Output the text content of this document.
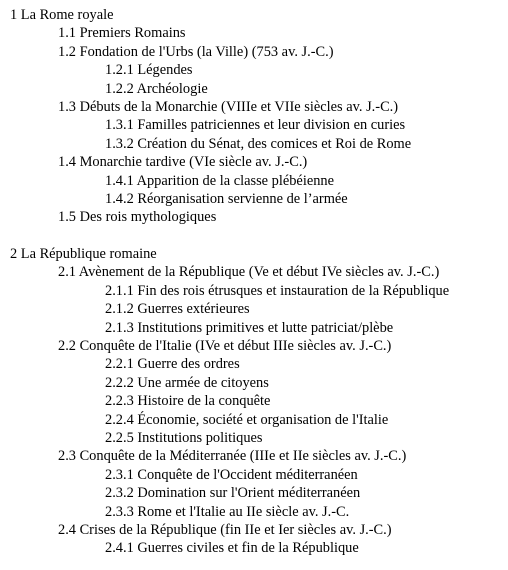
1 La Rome royale
1.1 Premiers Romains
1.2 Fondation de l'Urbs (la Ville) (753 av. J.-C.)
1.2.1 Légendes
1.2.2 Archéologie
1.3 Débuts de la Monarchie (VIIIe et VIIe siècles av. J.-C.)
1.3.1 Familles patriciennes et leur division en curies
1.3.2 Création du Sénat, des comices et Roi de Rome
1.4 Monarchie tardive (VIe siècle av. J.-C.)
1.4.1 Apparition de la classe plébéienne
1.4.2 Réorganisation servienne de l’armée
1.5 Des rois mythologiques
2 La République romaine
2.1 Avènement de la République (Ve et début IVe siècles av. J.-C.)
2.1.1 Fin des rois étrusques et instauration de la République
2.1.2 Guerres extérieures
2.1.3 Institutions primitives et lutte patriciat/plèbe
2.2 Conquête de l'Italie (IVe et début IIIe siècles av. J.-C.)
2.2.1 Guerre des ordres
2.2.2 Une armée de citoyens
2.2.3 Histoire de la conquête
2.2.4 Économie, société et organisation de l'Italie
2.2.5 Institutions politiques
2.3 Conquête de la Méditerranée (IIIe et IIe siècles av. J.-C.)
2.3.1 Conquête de l'Occident méditerranéen
2.3.2 Domination sur l'Orient méditerranéen
2.3.3 Rome et l'Italie au IIe siècle av. J.-C.
2.4 Crises de la République (fin IIe et Ier siècles av. J.-C.)
2.4.1 Guerres civiles et fin de la République
